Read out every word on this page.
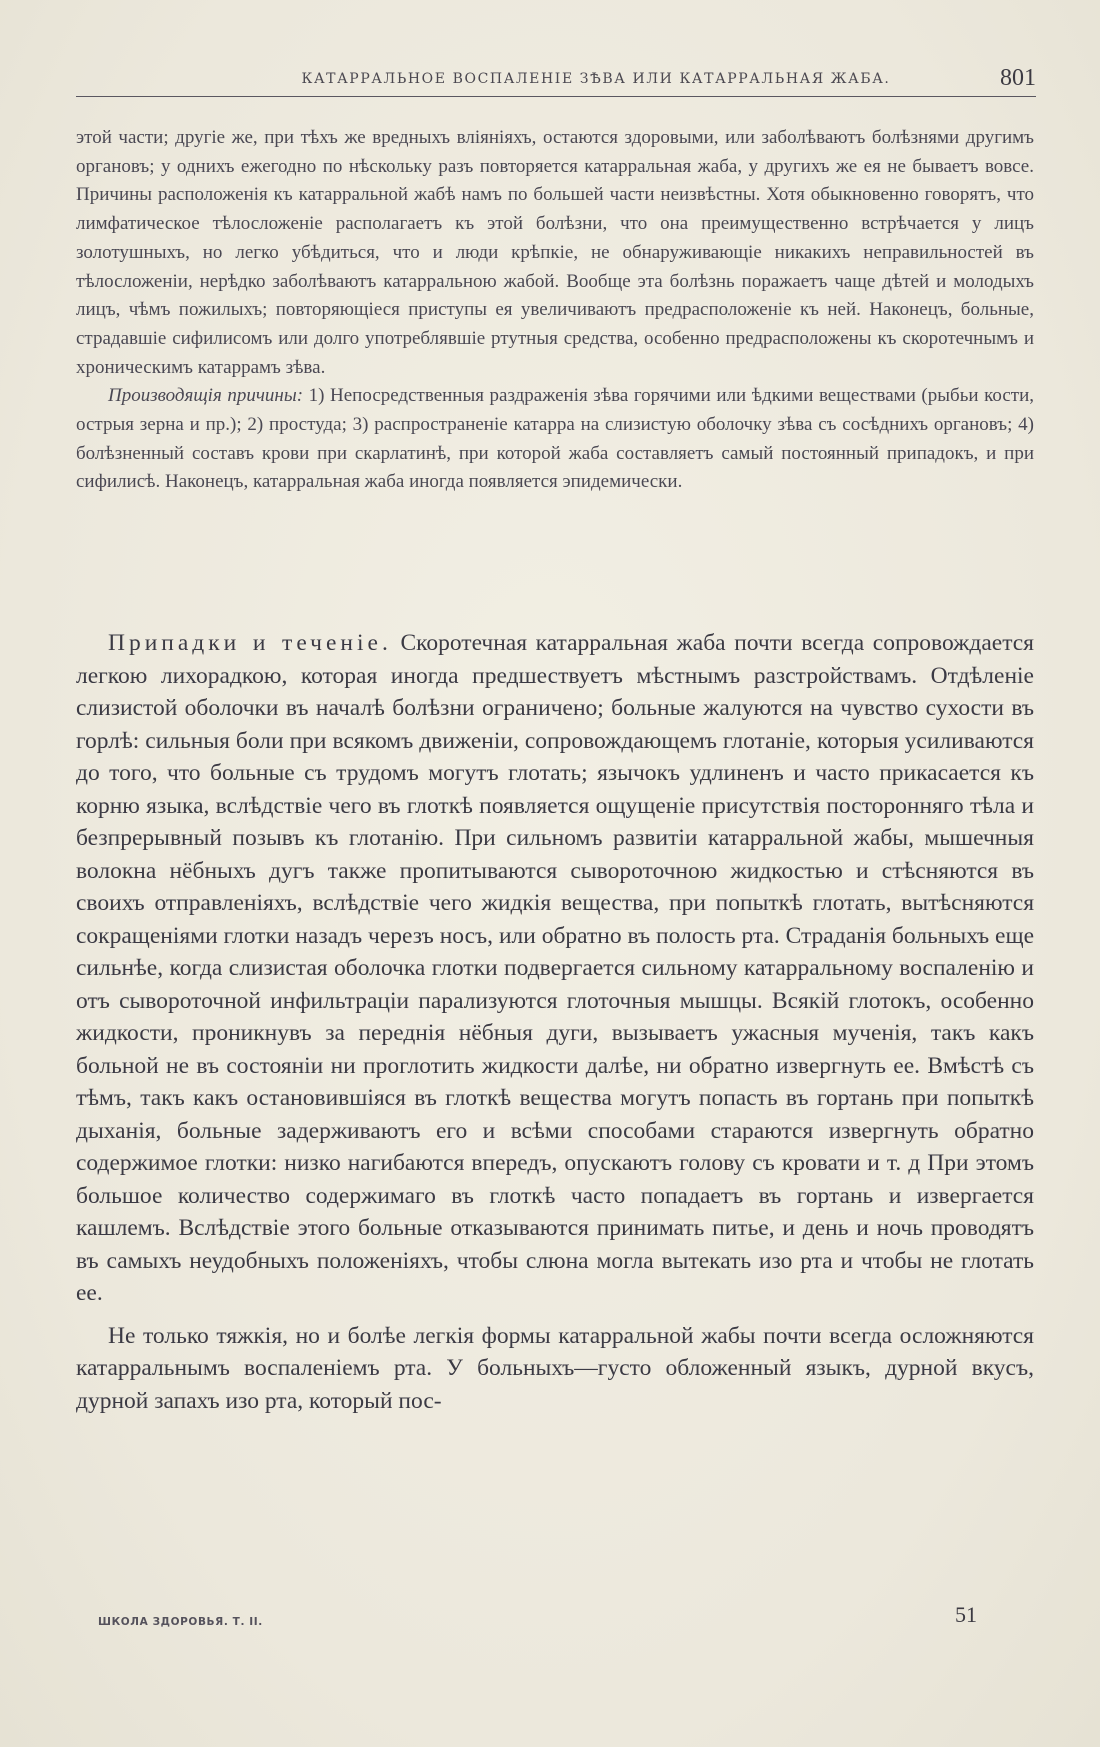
КАТАРРАЛЬНОЕ ВОСПАЛЕНІЕ ЗѢВА ИЛИ КАТАРРАЛЬНАЯ ЖАБА.	801

этой части; другіе же, при тѣхъ же вредныхъ вліяніяхъ, остаются здоровыми, или заболѣваютъ болѣзнями другимъ органовъ; у однихъ ежегодно по нѣскольку разъ повторяется катарральная жаба, у другихъ же ея не бываетъ вовсе. Причины расположенія къ катарральной жабѣ намъ по большей части неизвѣстны. Хотя обыкновенно говорятъ, что лимфатическое тѣлосложеніе располагаетъ къ этой болѣзни, что она преимущественно встрѣчается у лицъ золотушныхъ, но легко убѣдиться, что и люди крѣпкіе, не обнаруживающіе никакихъ неправильностей въ тѣлосложеніи, нерѣдко заболѣваютъ катарральною жабой. Вообще эта болѣзнь поражаетъ чаще дѣтей и молодыхъ лицъ, чѣмъ пожилыхъ; повторяющіеся приступы ея увеличиваютъ предрасположеніе къ ней. Наконецъ, больные, страдавшіе сифилисомъ или долго употреблявшіе ртутныя средства, особенно предрасположены къ скоротечнымъ и хроническимъ катаррамъ зѣва.

Производящія причины: 1) Непосредственныя раздраженія зѣва горячими или ѣдкими веществами (рыбьи кости, острыя зерна и пр.); 2) простуда; 3) распространеніе катарра на слизистую оболочку зѣва съ сосѣднихъ органовъ; 4) болѣзненный составъ крови при скарлатинѣ, при которой жаба составляетъ самый постоянный припадокъ, и при сифилисѣ. Наконецъ, катарральная жаба иногда появляется эпидемически.

Припадки и теченіе. Скоротечная катарральная жаба почти всегда сопровождается легкою лихорадкою, которая иногда предшествуетъ мѣстнымъ разстройствамъ. Отдѣленіе слизистой оболочки въ началѣ болѣзни ограничено; больные жалуются на чувство сухости въ горлѣ: сильныя боли при всякомъ движеніи, сопровождающемъ глотаніе, которыя усиливаются до того, что больные съ трудомъ могутъ глотать; язычокъ удлиненъ и часто прикасается къ корню языка, вслѣдствіе чего въ глоткѣ появляется ощущеніе присутствія посторонняго тѣла и безпрерывный позывъ къ глотанію. При сильномъ развитіи катарральной жабы, мышечныя волокна нёбныхъ дугъ также пропитываются сывороточною жидкостью и стѣсняются въ своихъ отправленіяхъ, вслѣдствіе чего жидкія вещества, при попыткѣ глотать, вытѣсняются сокращеніями глотки назадъ черезъ носъ, или обратно въ полость рта. Страданія больныхъ еще сильнѣе, когда слизистая оболочка глотки подвергается сильному катарральному воспаленію и отъ сывороточной инфильтраціи парализуются глоточныя мышцы. Всякій глотокъ, особенно жидкости, проникнувъ за переднія нёбныя дуги, вызываетъ ужасныя мученія, такъ какъ больной не въ состояніи ни проглотить жидкости далѣе, ни обратно извергнуть ее. Вмѣстѣ съ тѣмъ, такъ какъ остановившіяся въ глоткѣ вещества могутъ попасть въ гортань при попыткѣ дыханія, больные задерживаютъ его и всѣми способами стараются извергнуть обратно содержимое глотки: низко нагибаются впередъ, опускаютъ голову съ кровати и т. д При этомъ большое количество содержимаго въ глоткѣ часто попадаетъ въ гортань и извергается кашлемъ. Вслѣдствіе этого больные отказываются принимать питье, и день и ночь проводятъ въ самыхъ неудобныхъ положеніяхъ, чтобы слюна могла вытекать изо рта и чтобы не глотать ее.

Не только тяжкія, но и болѣе легкія формы катарральной жабы почти всегда осложняются катарральнымъ воспаленіемъ рта. У больныхъ—густо обложенный языкъ, дурной вкусъ, дурной запахъ изо рта, который пос-

ШКОЛА ЗДОРОВЬЯ. Т. II.	51
